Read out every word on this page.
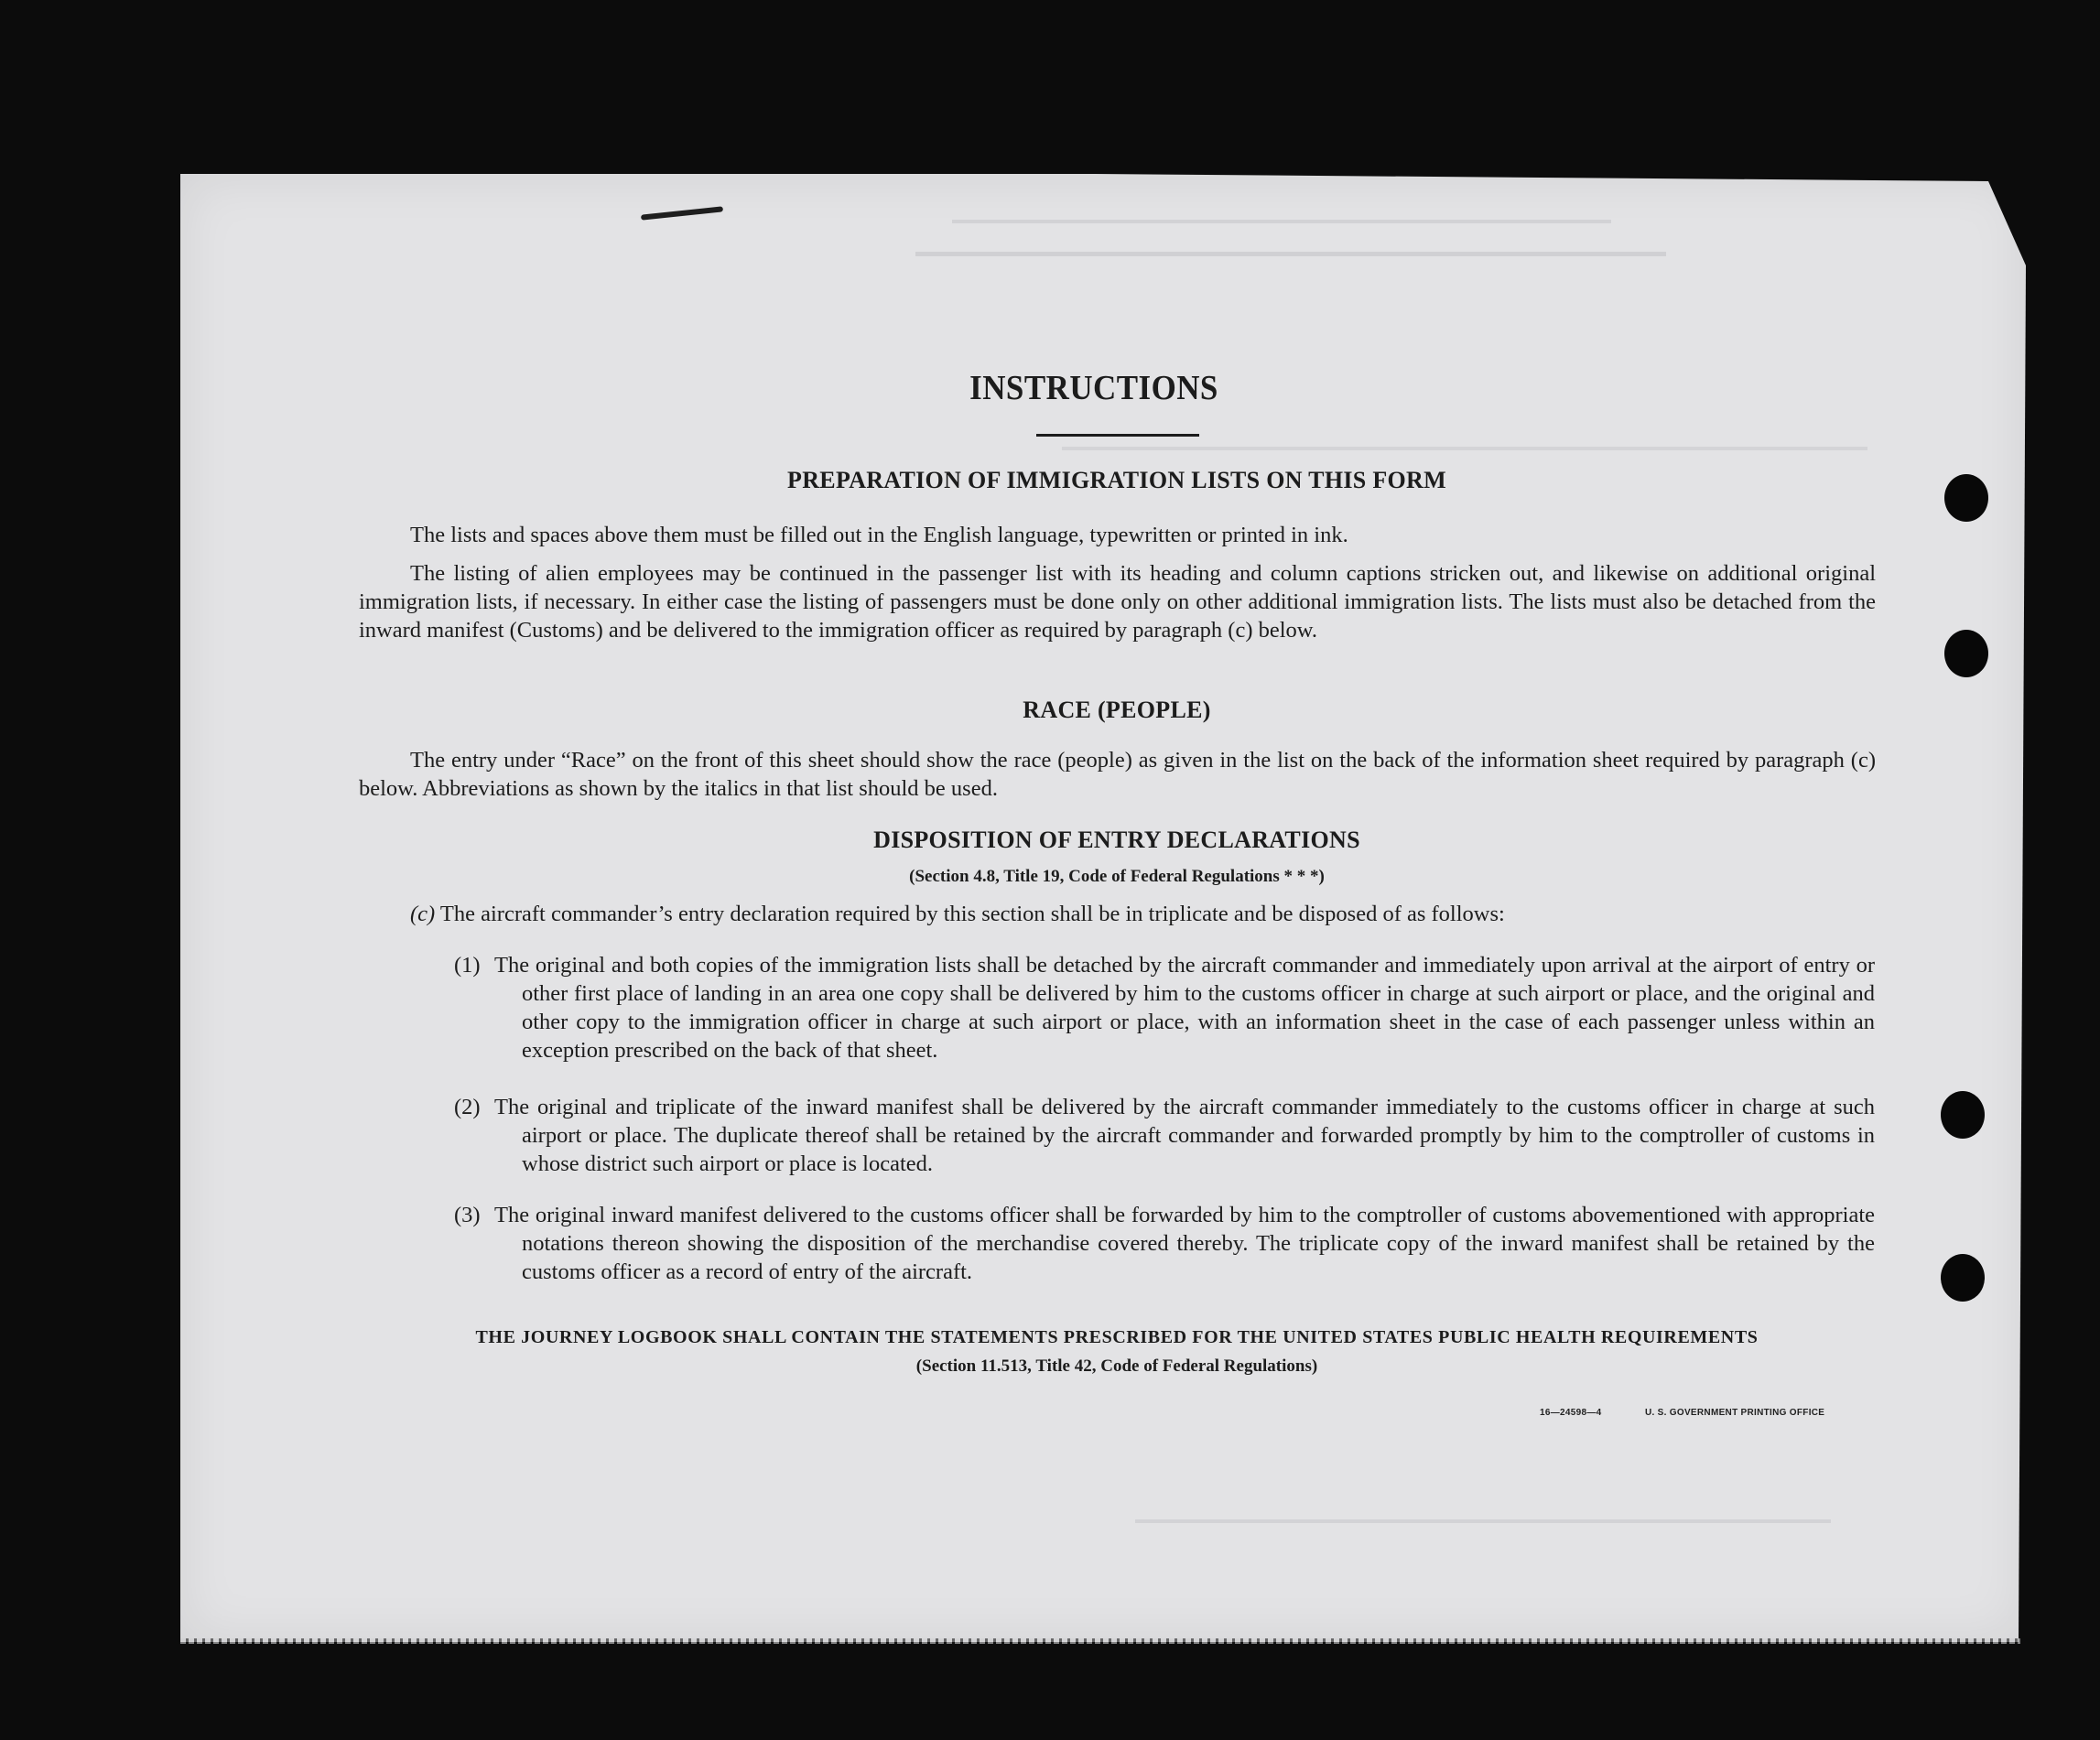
INSTRUCTIONS
PREPARATION OF IMMIGRATION LISTS ON THIS FORM

The lists and spaces above them must be filled out in the English language, typewritten or printed in ink.

The listing of alien employees may be continued in the passenger list with its heading and column captions stricken out, and likewise on additional original immigration lists, if necessary. In either case the listing of passengers must be done only on other additional immigration lists. The lists must also be detached from the inward manifest (Customs) and be delivered to the immigration officer as required by paragraph (c) below.

RACE (PEOPLE)

The entry under “Race” on the front of this sheet should show the race (people) as given in the list on the back of the information sheet required by paragraph (c) below. Abbreviations as shown by the italics in that list should be used.

DISPOSITION OF ENTRY DECLARATIONS
(Section 4.8, Title 19, Code of Federal Regulations * * *)
(c) The aircraft commander’s entry declaration required by this section shall be in triplicate and be disposed of as follows:
(1) The original and both copies of the immigration lists shall be detached by the aircraft commander and immediately upon arrival at the airport of entry or other first place of landing in an area one copy shall be delivered by him to the customs officer in charge at such airport or place, and the original and other copy to the immigration officer in charge at such airport or place, with an information sheet in the case of each passenger unless within an exception prescribed on the back of that sheet.
(2) The original and triplicate of the inward manifest shall be delivered by the aircraft commander immediately to the customs officer in charge at such airport or place. The duplicate thereof shall be retained by the aircraft commander and forwarded promptly by him to the comptroller of customs in whose district such airport or place is located.
(3) The original inward manifest delivered to the customs officer shall be forwarded by him to the comptroller of customs abovementioned with appropriate notations thereon showing the disposition of the merchandise covered thereby. The triplicate copy of the inward manifest shall be retained by the customs officer as a record of entry of the aircraft.
THE JOURNEY LOGBOOK SHALL CONTAIN THE STATEMENTS PRESCRIBED FOR THE UNITED STATES PUBLIC HEALTH REQUIREMENTS
(Section 11.513, Title 42, Code of Federal Regulations)
16—24598—4	U. S. GOVERNMENT PRINTING OFFICE
